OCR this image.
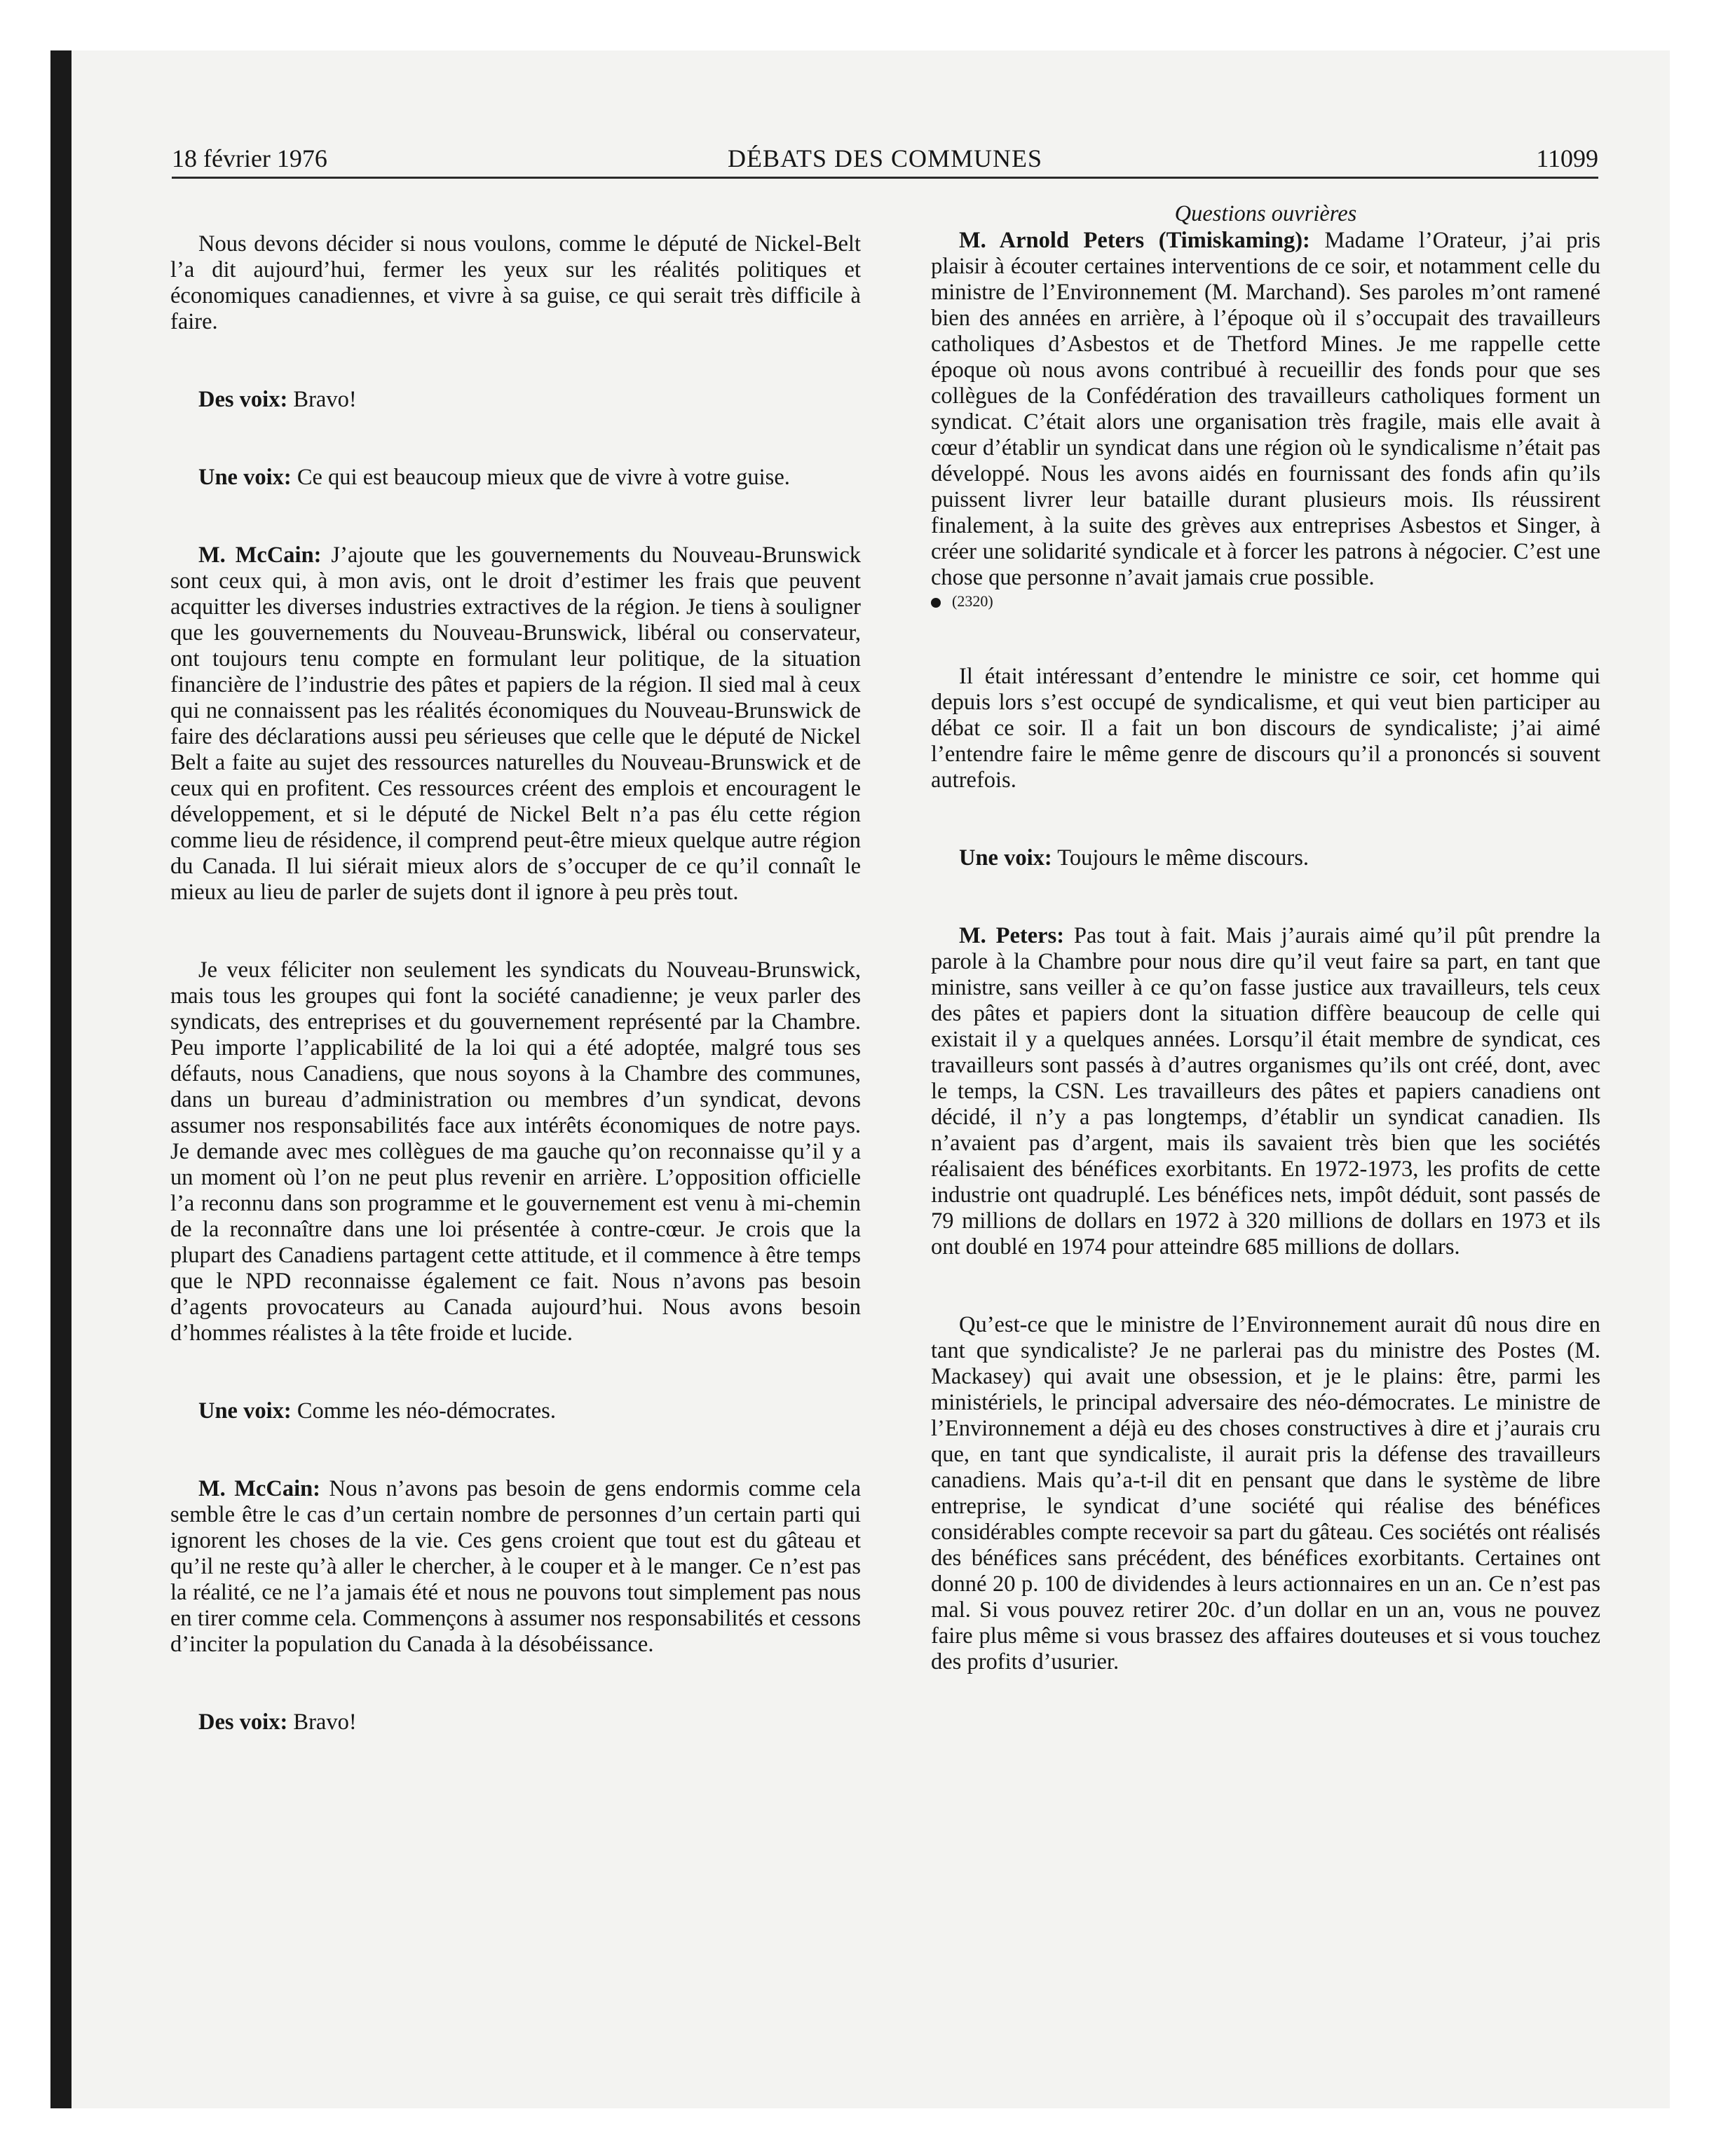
18 février 1976	DÉBATS DES COMMUNES	11099

Nous devons décider si nous voulons, comme le député de Nickel-Belt l’a dit aujourd’hui, fermer les yeux sur les réalités politiques et économiques canadiennes, et vivre à sa guise, ce qui serait très difficile à faire.

Des voix: Bravo!

Une voix: Ce qui est beaucoup mieux que de vivre à votre guise.

M. McCain: J’ajoute que les gouvernements du Nouveau-Brunswick sont ceux qui, à mon avis, ont le droit d’estimer les frais que peuvent acquitter les diverses industries extractives de la région. Je tiens à souligner que les gouvernements du Nouveau-Brunswick, libéral ou conservateur, ont toujours tenu compte en formulant leur politique, de la situation financière de l’industrie des pâtes et papiers de la région. Il sied mal à ceux qui ne connaissent pas les réalités économiques du Nouveau-Brunswick de faire des déclarations aussi peu sérieuses que celle que le député de Nickel Belt a faite au sujet des ressources naturelles du Nouveau-Brunswick et de ceux qui en profitent. Ces ressources créent des emplois et encouragent le développement, et si le député de Nickel Belt n’a pas élu cette région comme lieu de résidence, il comprend peut-être mieux quelque autre région du Canada. Il lui siérait mieux alors de s’occuper de ce qu’il connaît le mieux au lieu de parler de sujets dont il ignore à peu près tout.

Je veux féliciter non seulement les syndicats du Nouveau-Brunswick, mais tous les groupes qui font la société canadienne; je veux parler des syndicats, des entreprises et du gouvernement représenté par la Chambre. Peu importe l’applicabilité de la loi qui a été adoptée, malgré tous ses défauts, nous Canadiens, que nous soyons à la Chambre des communes, dans un bureau d’administration ou membres d’un syndicat, devons assumer nos responsabilités face aux intérêts économiques de notre pays. Je demande avec mes collègues de ma gauche qu’on reconnaisse qu’il y a un moment où l’on ne peut plus revenir en arrière. L’opposition officielle l’a reconnu dans son programme et le gouvernement est venu à mi-chemin de la reconnaître dans une loi présentée à contre-cœur. Je crois que la plupart des Canadiens partagent cette attitude, et il commence à être temps que le NPD reconnaisse également ce fait. Nous n’avons pas besoin d’agents provocateurs au Canada aujourd’hui. Nous avons besoin d’hommes réalistes à la tête froide et lucide.

Une voix: Comme les néo-démocrates.

M. McCain: Nous n’avons pas besoin de gens endormis comme cela semble être le cas d’un certain nombre de personnes d’un certain parti qui ignorent les choses de la vie. Ces gens croient que tout est du gâteau et qu’il ne reste qu’à aller le chercher, à le couper et à le manger. Ce n’est pas la réalité, ce ne l’a jamais été et nous ne pouvons tout simplement pas nous en tirer comme cela. Commençons à assumer nos responsabilités et cessons d’inciter la population du Canada à la désobéissance.

Des voix: Bravo!

Questions ouvrières

M. Arnold Peters (Timiskaming): Madame l’Orateur, j’ai pris plaisir à écouter certaines interventions de ce soir, et notamment celle du ministre de l’Environnement (M. Marchand). Ses paroles m’ont ramené bien des années en arrière, à l’époque où il s’occupait des travailleurs catholiques d’Asbestos et de Thetford Mines. Je me rappelle cette époque où nous avons contribué à recueillir des fonds pour que ses collègues de la Confédération des travailleurs catholiques forment un syndicat. C’était alors une organisation très fragile, mais elle avait à cœur d’établir un syndicat dans une région où le syndicalisme n’était pas développé. Nous les avons aidés en fournissant des fonds afin qu’ils puissent livrer leur bataille durant plusieurs mois. Ils réussirent finalement, à la suite des grèves aux entreprises Asbestos et Singer, à créer une solidarité syndicale et à forcer les patrons à négocier. C’est une chose que personne n’avait jamais crue possible.

(2320)

Il était intéressant d’entendre le ministre ce soir, cet homme qui depuis lors s’est occupé de syndicalisme, et qui veut bien participer au débat ce soir. Il a fait un bon discours de syndicaliste; j’ai aimé l’entendre faire le même genre de discours qu’il a prononcés si souvent autrefois.

Une voix: Toujours le même discours.

M. Peters: Pas tout à fait. Mais j’aurais aimé qu’il pût prendre la parole à la Chambre pour nous dire qu’il veut faire sa part, en tant que ministre, sans veiller à ce qu’on fasse justice aux travailleurs, tels ceux des pâtes et papiers dont la situation diffère beaucoup de celle qui existait il y a quelques années. Lorsqu’il était membre de syndicat, ces travailleurs sont passés à d’autres organismes qu’ils ont créé, dont, avec le temps, la CSN. Les travailleurs des pâtes et papiers canadiens ont décidé, il n’y a pas longtemps, d’établir un syndicat canadien. Ils n’avaient pas d’argent, mais ils savaient très bien que les sociétés réalisaient des bénéfices exorbitants. En 1972-1973, les profits de cette industrie ont quadruplé. Les bénéfices nets, impôt déduit, sont passés de 79 millions de dollars en 1972 à 320 millions de dollars en 1973 et ils ont doublé en 1974 pour atteindre 685 millions de dollars.

Qu’est-ce que le ministre de l’Environnement aurait dû nous dire en tant que syndicaliste? Je ne parlerai pas du ministre des Postes (M. Mackasey) qui avait une obsession, et je le plains: être, parmi les ministériels, le principal adversaire des néo-démocrates. Le ministre de l’Environnement a déjà eu des choses constructives à dire et j’aurais cru que, en tant que syndicaliste, il aurait pris la défense des travailleurs canadiens. Mais qu’a-t-il dit en pensant que dans le système de libre entreprise, le syndicat d’une société qui réalise des bénéfices considérables compte recevoir sa part du gâteau. Ces sociétés ont réalisés des bénéfices sans précédent, des bénéfices exorbitants. Certaines ont donné 20 p. 100 de dividendes à leurs actionnaires en un an. Ce n’est pas mal. Si vous pouvez retirer 20c. d’un dollar en un an, vous ne pouvez faire plus même si vous brassez des affaires douteuses et si vous touchez des profits d’usurier.
